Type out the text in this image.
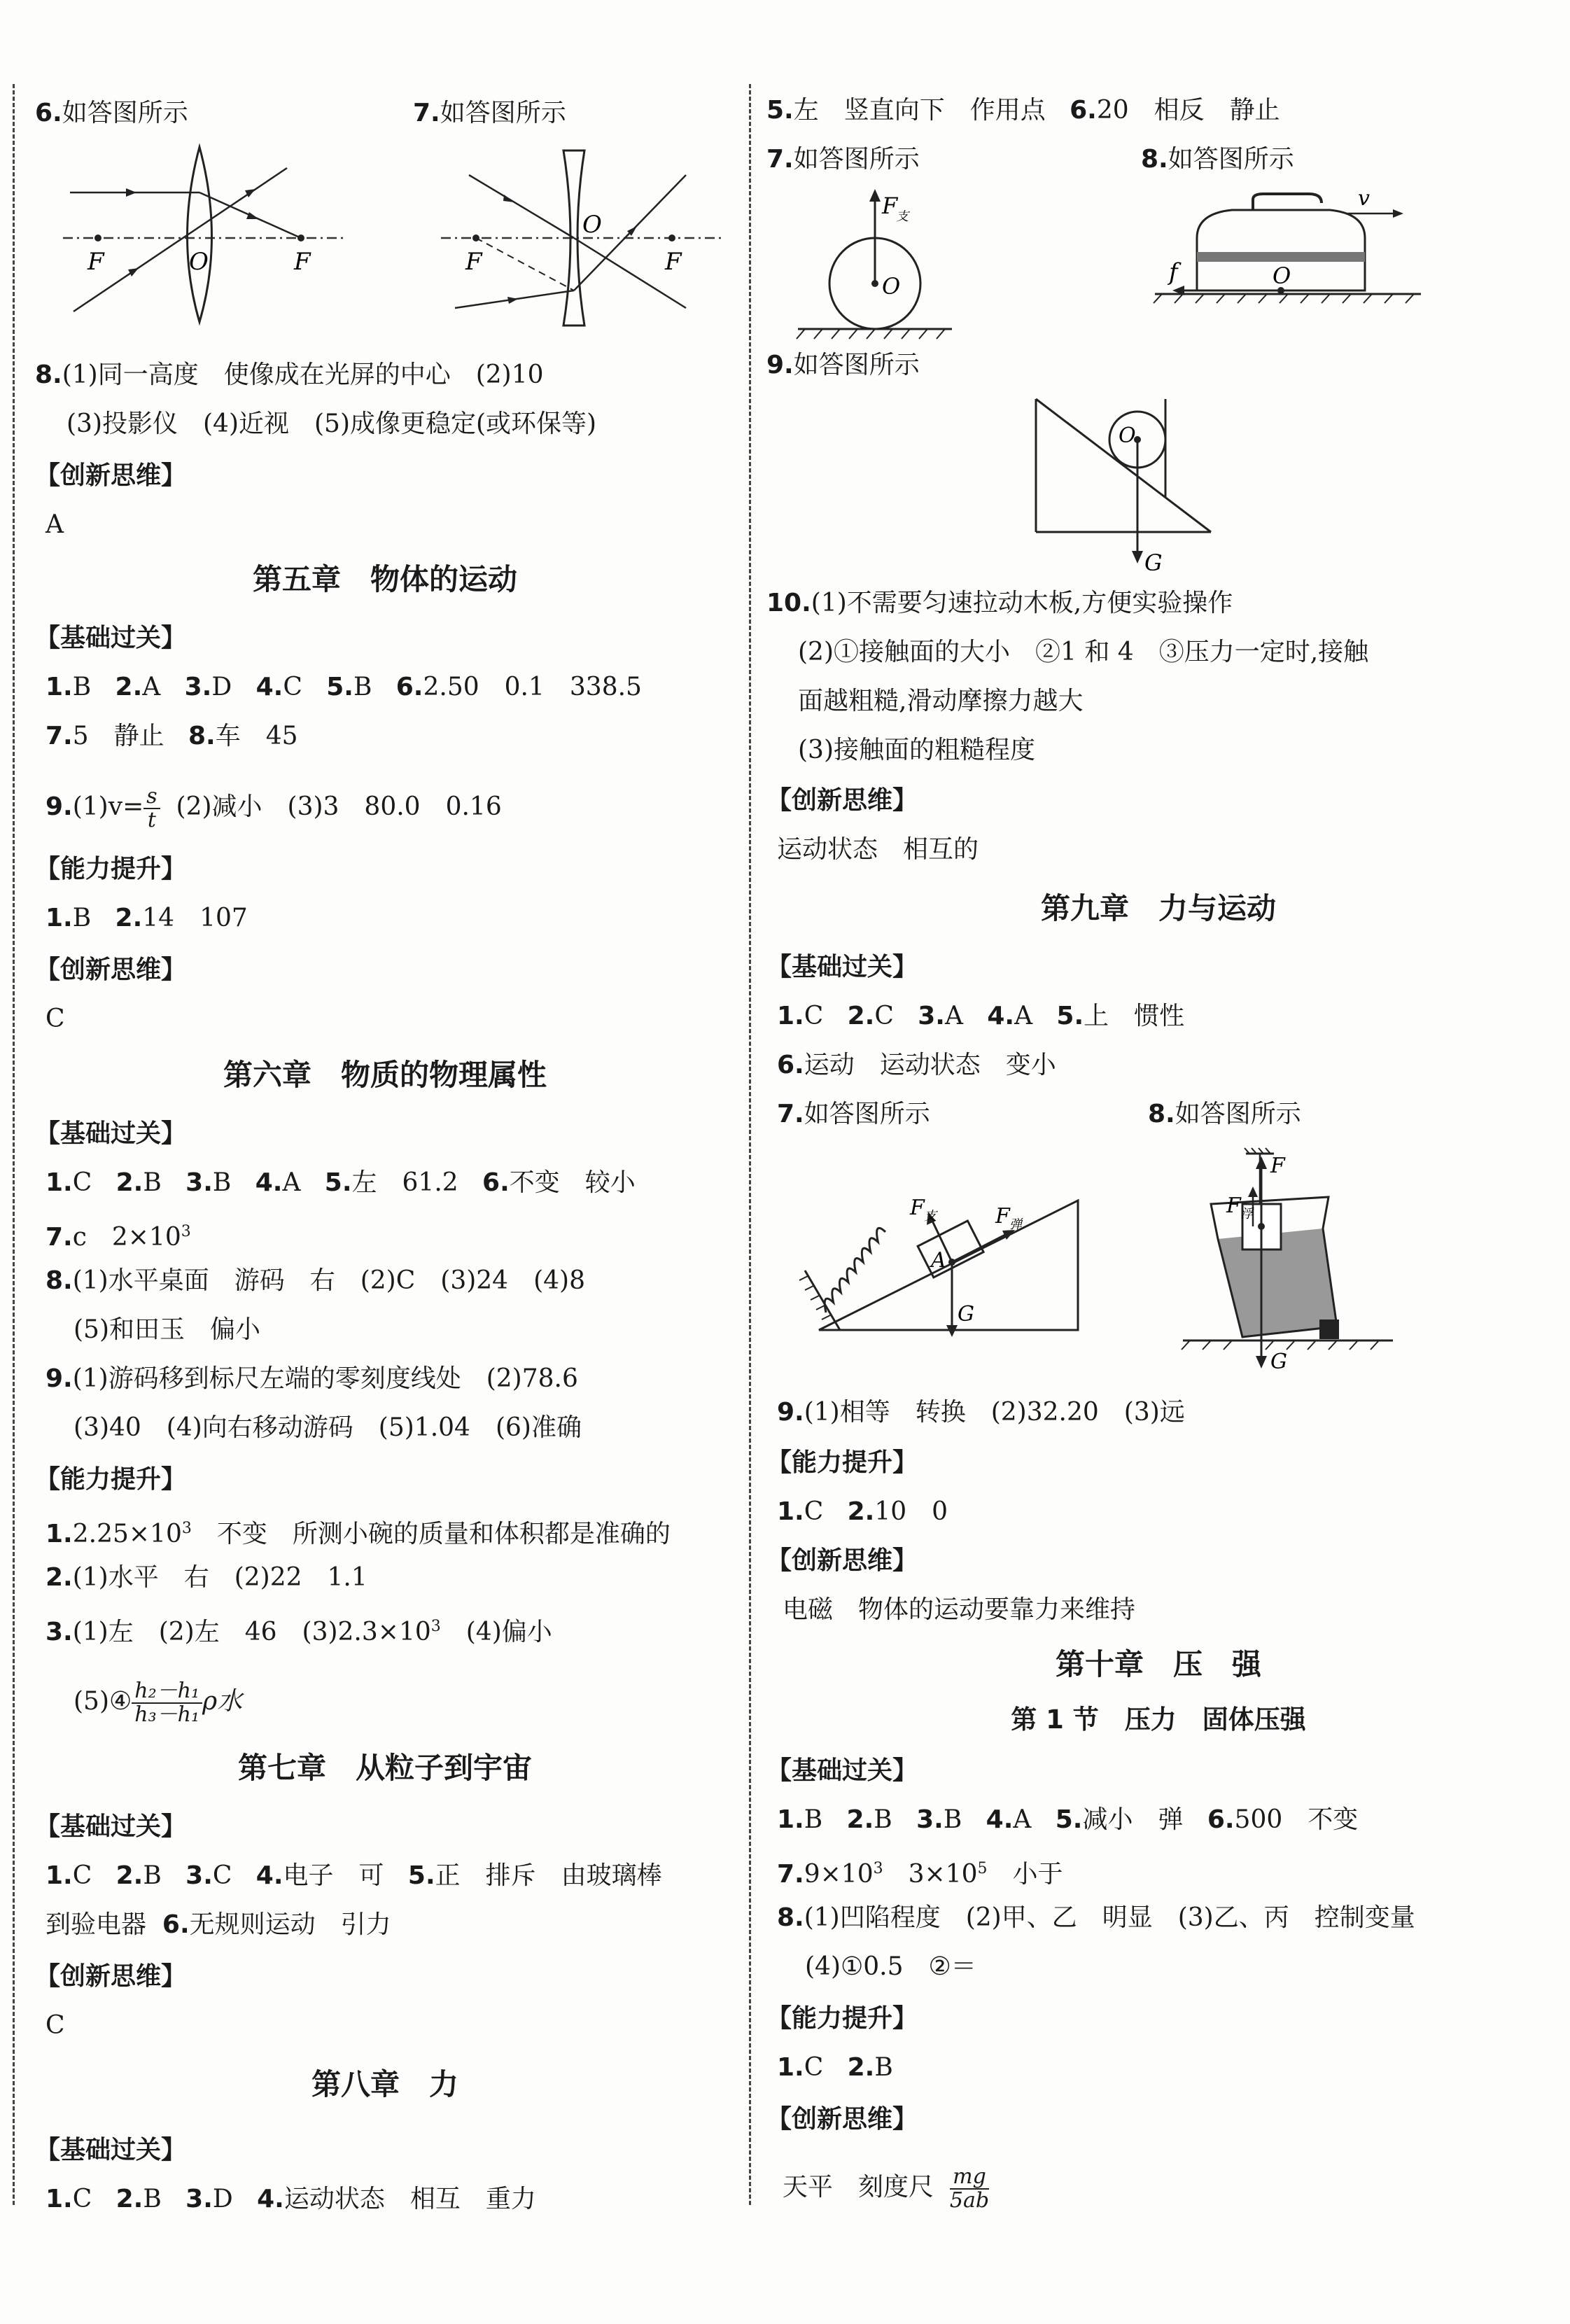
6.如答图所示	7.如答图所示
F	O	F	F
O
F
8.(1)同一高度　使像成在光屏的中心　(2)10
(3)投影仪　(4)近视　(5)成像更稳定(或环保等)
【创新思维】
A
第五章　物体的运动
【基础过关】
1.B 2.A 3.D 4.C 5.B 6.2.50　0.1　338.5
7.5　静止 8.车　45
$9.(1)v= \frac{s}{t} (2)$减小　(3)3　80.0　0.16
【能力提升】
1.B 2.14　107
【创新思维】
C
第六章　物质的物理属性
【基础过关】
1.C 2.B 3.B 4.A 5.左　61.2 6.不变　较小
7.c　$2\times 10^3$
8.(1)水平桌面　游码　右　(2)C　(3)24　(4)8
(5)和田玉　偏小
9.(1)游码移到标尺左端的零刻度线处　(2)78.6
(3)40　(4)向右移动游码　(5)1.04　(6)准确
【能力提升】
$1.2.25\times 10^3$　不变　所测小碗的质量和体积都是准确的
2.(1)水平　右　(2)22　1.1
3.(1)左　(2)左　46　$(3)2.3\times 10^3$　(4)偏小
(5)④ $\frac{\text{h₂－h₁}}{\text{h₃－h₁}}$ ρ水
第七章　从粒子到宇宙
【基础过关】
1.C 2.B 3.C 4.电子　可 5.正　排斥　由玻璃棒
到验电器 6.无规则运动　引力
【创新思维】
C
第八章　力
【基础过关】
1.C 2.B 3.D 4.运动状态　相互　重力
5.左　竖直向下　作用点 6.20　相反　静止
7.如答图所示	8.如答图所示
F
支
O
v
f	O
9.如答图所示
O
G
10.(1)不需要匀速拉动木板,方便实验操作
(2)①接触面的大小　②1 和 4　③压力一定时,接触
面越粗糙,滑动摩擦力越大
(3)接触面的粗糙程度
【创新思维】
运动状态　相互的
第九章　力与运动
【基础过关】
1.C 2.C 3.A 4.A 5.上　惯性
6.运动　运动状态　变小
7.如答图所示	8.如答图所示
F 支	F 弹
A
G
F
F 浮
G
9.(1)相等　转换　(2)32.20　(3)远
【能力提升】
1.C 2.10　0
【创新思维】
电磁　物体的运动要靠力来维持
第十章　压　强
第 1 节　压力　固体压强
【基础过关】
1.B 2.B 3.B 4.A 5.减小　弹 6.500　不变
$7.9\times 10^3$　$3\times 10^5$　小于
8.(1)凹陷程度　(2)甲、乙　明显　(3)乙、丙　控制变量
(4)①0.5　②＝
【能力提升】
1.C 2.B
【创新思维】
天平　刻度尺 $\frac{mg}{5ab}$
